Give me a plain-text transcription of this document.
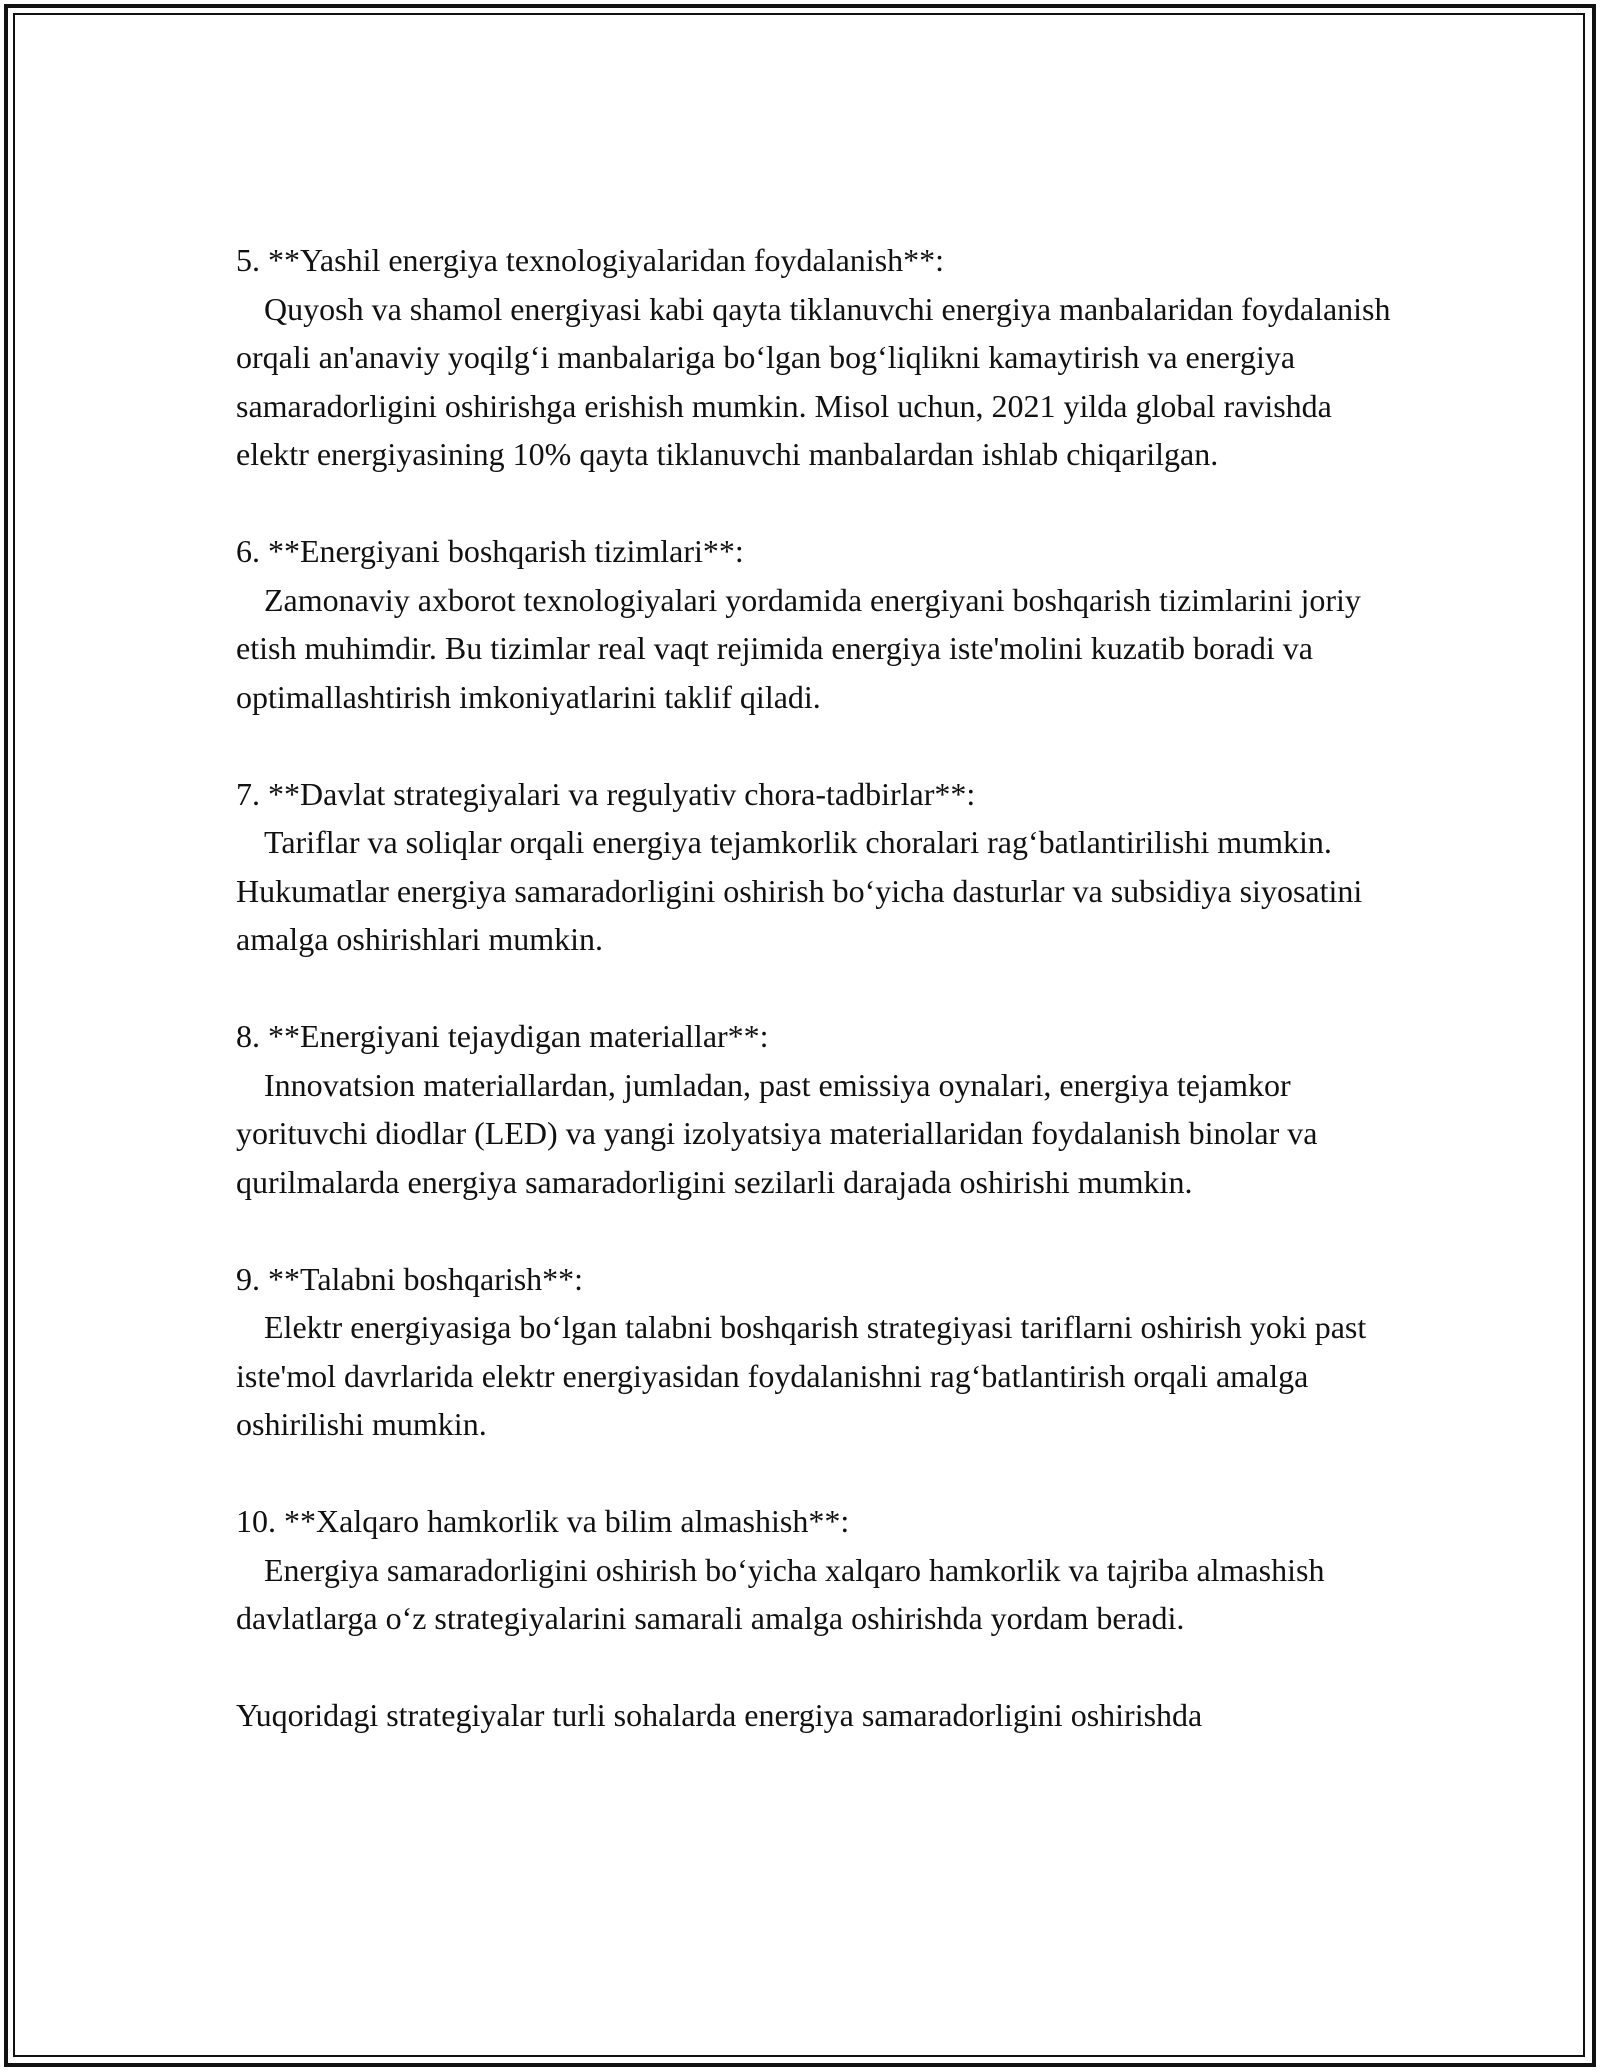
5. **Yashil energiya texnologiyalaridan foydalanish**:

Quyosh va shamol energiyasi kabi qayta tiklanuvchi energiya manbalaridan foydalanish orqali an'anaviy yoqilg‘i manbalariga bo‘lgan bog‘liqlikni kamaytirish va energiya samaradorligini oshirishga erishish mumkin. Misol uchun, 2021 yilda global ravishda elektr energiyasining 10% qayta tiklanuvchi manbalardan ishlab chiqarilgan.

6. **Energiyani boshqarish tizimlari**:

Zamonaviy axborot texnologiyalari yordamida energiyani boshqarish tizimlarini joriy etish muhimdir. Bu tizimlar real vaqt rejimida energiya iste'molini kuzatib boradi va optimallashtirish imkoniyatlarini taklif qiladi.

7. **Davlat strategiyalari va regulyativ chora-tadbirlar**:

Tariflar va soliqlar orqali energiya tejamkorlik choralari rag‘batlantirilishi mumkin. Hukumatlar energiya samaradorligini oshirish bo‘yicha dasturlar va subsidiya siyosatini amalga oshirishlari mumkin.

8. **Energiyani tejaydigan materiallar**:

Innovatsion materiallardan, jumladan, past emissiya oynalari, energiya tejamkor yorituvchi diodlar (LED) va yangi izolyatsiya materiallaridan foydalanish binolar va qurilmalarda energiya samaradorligini sezilarli darajada oshirishi mumkin.

9. **Talabni boshqarish**:

Elektr energiyasiga bo‘lgan talabni boshqarish strategiyasi tariflarni oshirish yoki past iste'mol davrlarida elektr energiyasidan foydalanishni rag‘batlantirish orqali amalga oshirilishi mumkin.

10. **Xalqaro hamkorlik va bilim almashish**:

Energiya samaradorligini oshirish bo‘yicha xalqaro hamkorlik va tajriba almashish davlatlarga o‘z strategiyalarini samarali amalga oshirishda yordam beradi.

Yuqoridagi strategiyalar turli sohalarda energiya samaradorligini oshirishda
